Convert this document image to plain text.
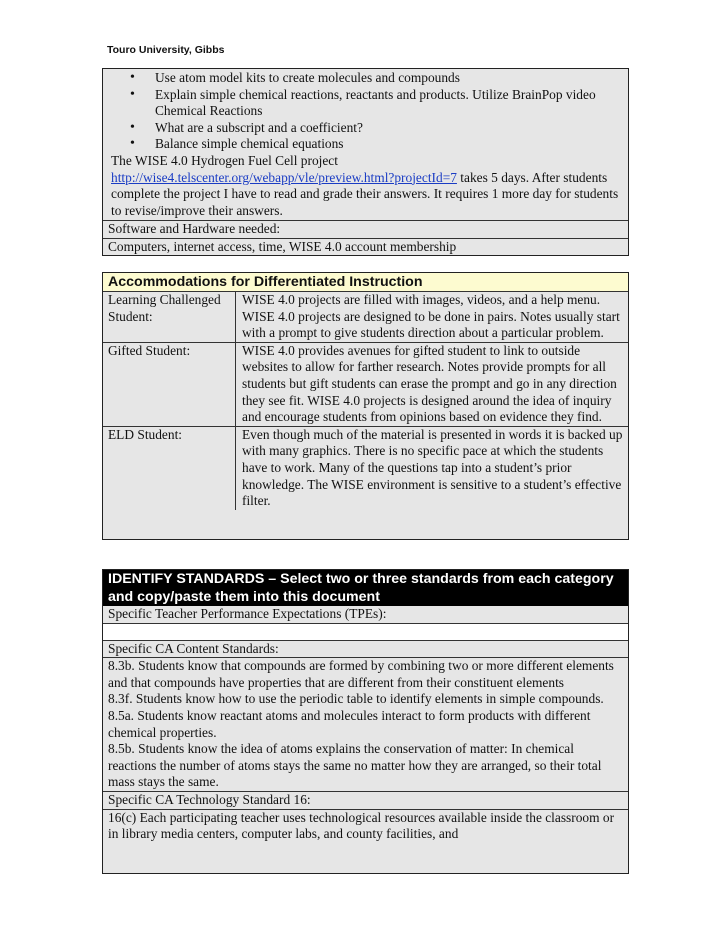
Touro University, Gibbs
• Use atom model kits to create molecules and compounds
• Explain simple chemical reactions, reactants and products. Utilize BrainPop video Chemical Reactions
• What are a subscript and a coefficient?
• Balance simple chemical equations
The WISE 4.0 Hydrogen Fuel Cell project
http://wise4.telscenter.org/webapp/vle/preview.html?projectId=7 takes 5 days. After students complete the project I have to read and grade their answers. It requires 1 more day for students to revise/improve their answers.
Software and Hardware needed:
Computers, internet access, time, WISE 4.0 account membership
Accommodations for Differentiated Instruction
Learning Challenged Student:
WISE 4.0 projects are filled with images, videos, and a help menu. WISE 4.0 projects are designed to be done in pairs. Notes usually start with a prompt to give students direction about a particular problem.
Gifted Student:	WISE 4.0 provides avenues for gifted student to link to outside websites to allow for farther research. Notes provide prompts for all students but gift students can erase the prompt and go in any direction they see fit. WISE 4.0 projects is designed around the idea of inquiry and encourage students from opinions based on evidence they find.
ELD Student:	Even though much of the material is presented in words it is backed up with many graphics. There is no specific pace at which the students have to work. Many of the questions tap into a student’s prior knowledge. The WISE environment is sensitive to a student’s effective filter.
IDENTIFY STANDARDS – Select two or three standards from each category and copy/paste them into this document
Specific Teacher Performance Expectations (TPEs):
Specific CA Content Standards:
8.3b. Students know that compounds are formed by combining two or more different elements and that compounds have properties that are different from their constituent elements
8.3f. Students know how to use the periodic table to identify elements in simple compounds.
8.5a. Students know reactant atoms and molecules interact to form products with different chemical properties.
8.5b. Students know the idea of atoms explains the conservation of matter: In chemical reactions the number of atoms stays the same no matter how they are arranged, so their total mass stays the same.
Specific CA Technology Standard 16:
16(c) Each participating teacher uses technological resources available inside the classroom or in library media centers, computer labs, and county facilities, and
